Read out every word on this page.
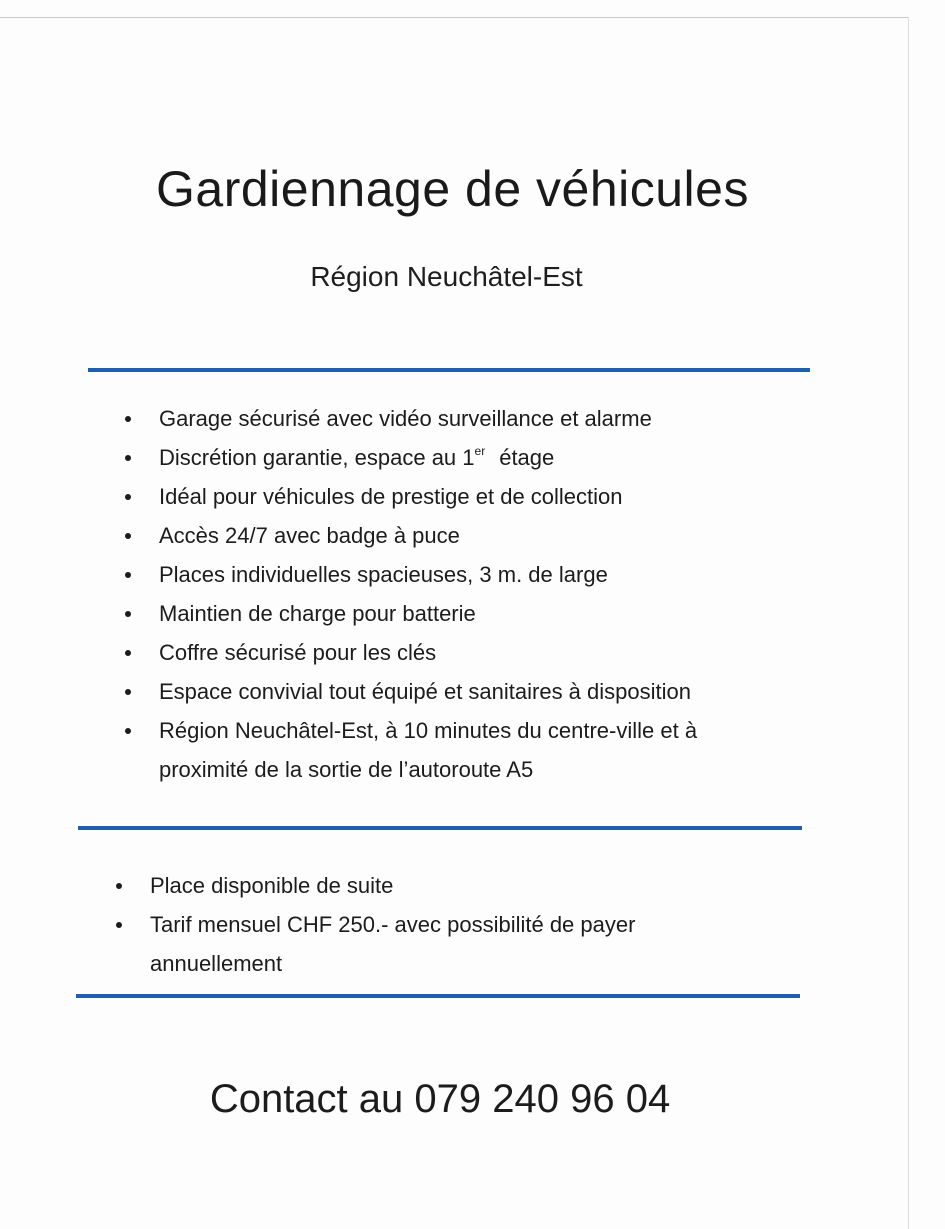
Gardiennage de véhicules
Région Neuchâtel-Est
Garage sécurisé avec vidéo surveillance et alarme
Discrétion garantie, espace au 1er étage
Idéal pour véhicules de prestige et de collection
Accès 24/7 avec badge à puce
Places individuelles spacieuses, 3 m. de large
Maintien de charge pour batterie
Coffre sécurisé pour les clés
Espace convivial tout équipé et sanitaires à disposition
Région Neuchâtel-Est, à 10 minutes du centre-ville et à proximité de la sortie de l’autoroute A5
Place disponible de suite
Tarif mensuel CHF 250.- avec possibilité de payer annuellement
Contact au 079 240 96 04
